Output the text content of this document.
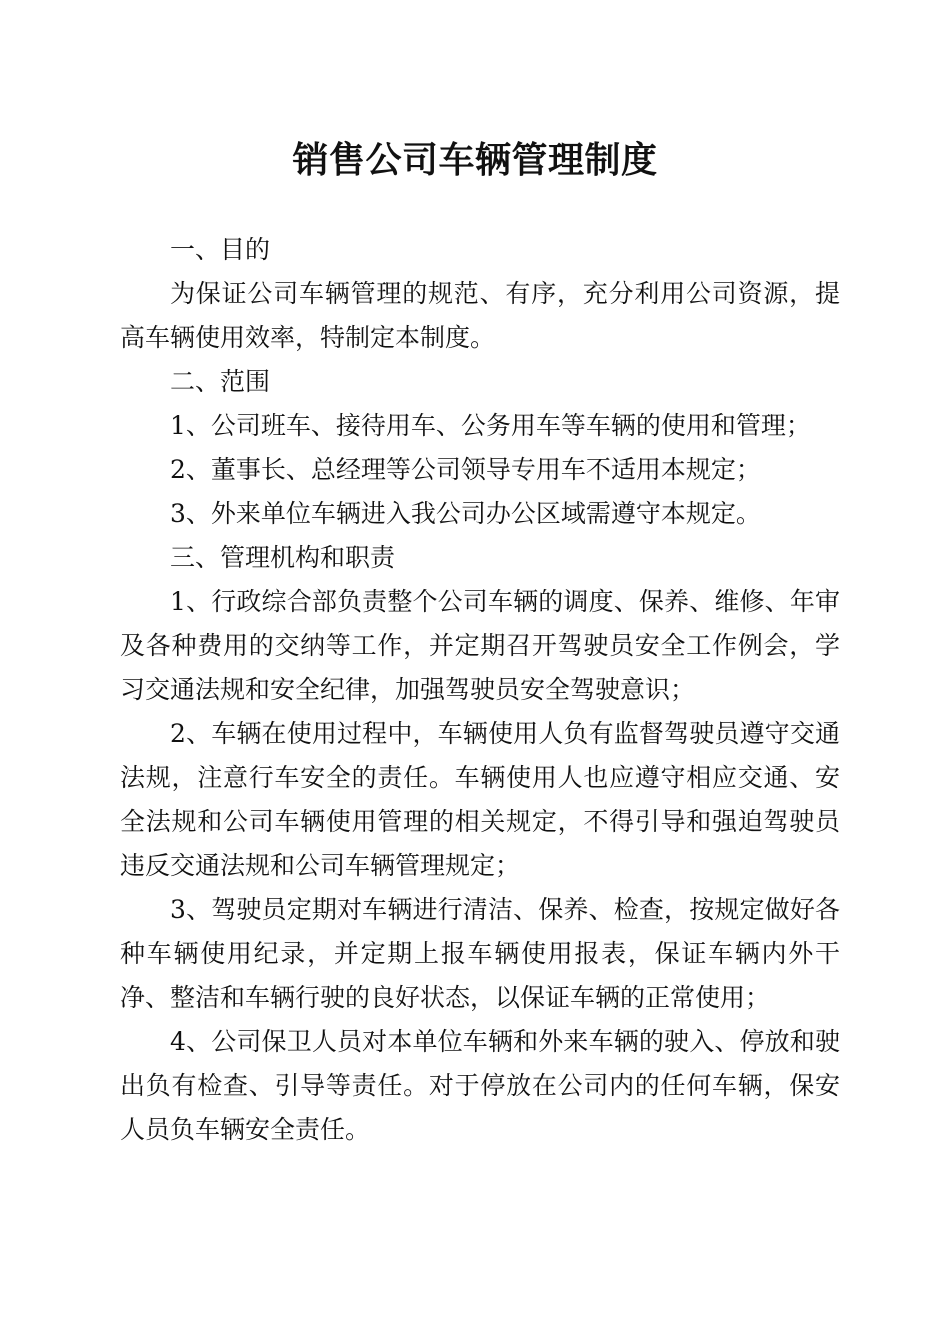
销售公司车辆管理制度

一、目的

为保证公司车辆管理的规范、有序，充分利用公司资源，提高车辆使用效率，特制定本制度。

二、范围

1、公司班车、接待用车、公务用车等车辆的使用和管理；

2、董事长、总经理等公司领导专用车不适用本规定；

3、外来单位车辆进入我公司办公区域需遵守本规定。

三、管理机构和职责

1、行政综合部负责整个公司车辆的调度、保养、维修、年审及各种费用的交纳等工作，并定期召开驾驶员安全工作例会，学习交通法规和安全纪律，加强驾驶员安全驾驶意识；

2、车辆在使用过程中，车辆使用人负有监督驾驶员遵守交通法规，注意行车安全的责任。车辆使用人也应遵守相应交通、安全法规和公司车辆使用管理的相关规定，不得引导和强迫驾驶员违反交通法规和公司车辆管理规定；

3、驾驶员定期对车辆进行清洁、保养、检查，按规定做好各种车辆使用纪录，并定期上报车辆使用报表，保证车辆内外干净、整洁和车辆行驶的良好状态，以保证车辆的正常使用；

4、公司保卫人员对本单位车辆和外来车辆的驶入、停放和驶出负有检查、引导等责任。对于停放在公司内的任何车辆，保安人员负车辆安全责任。
